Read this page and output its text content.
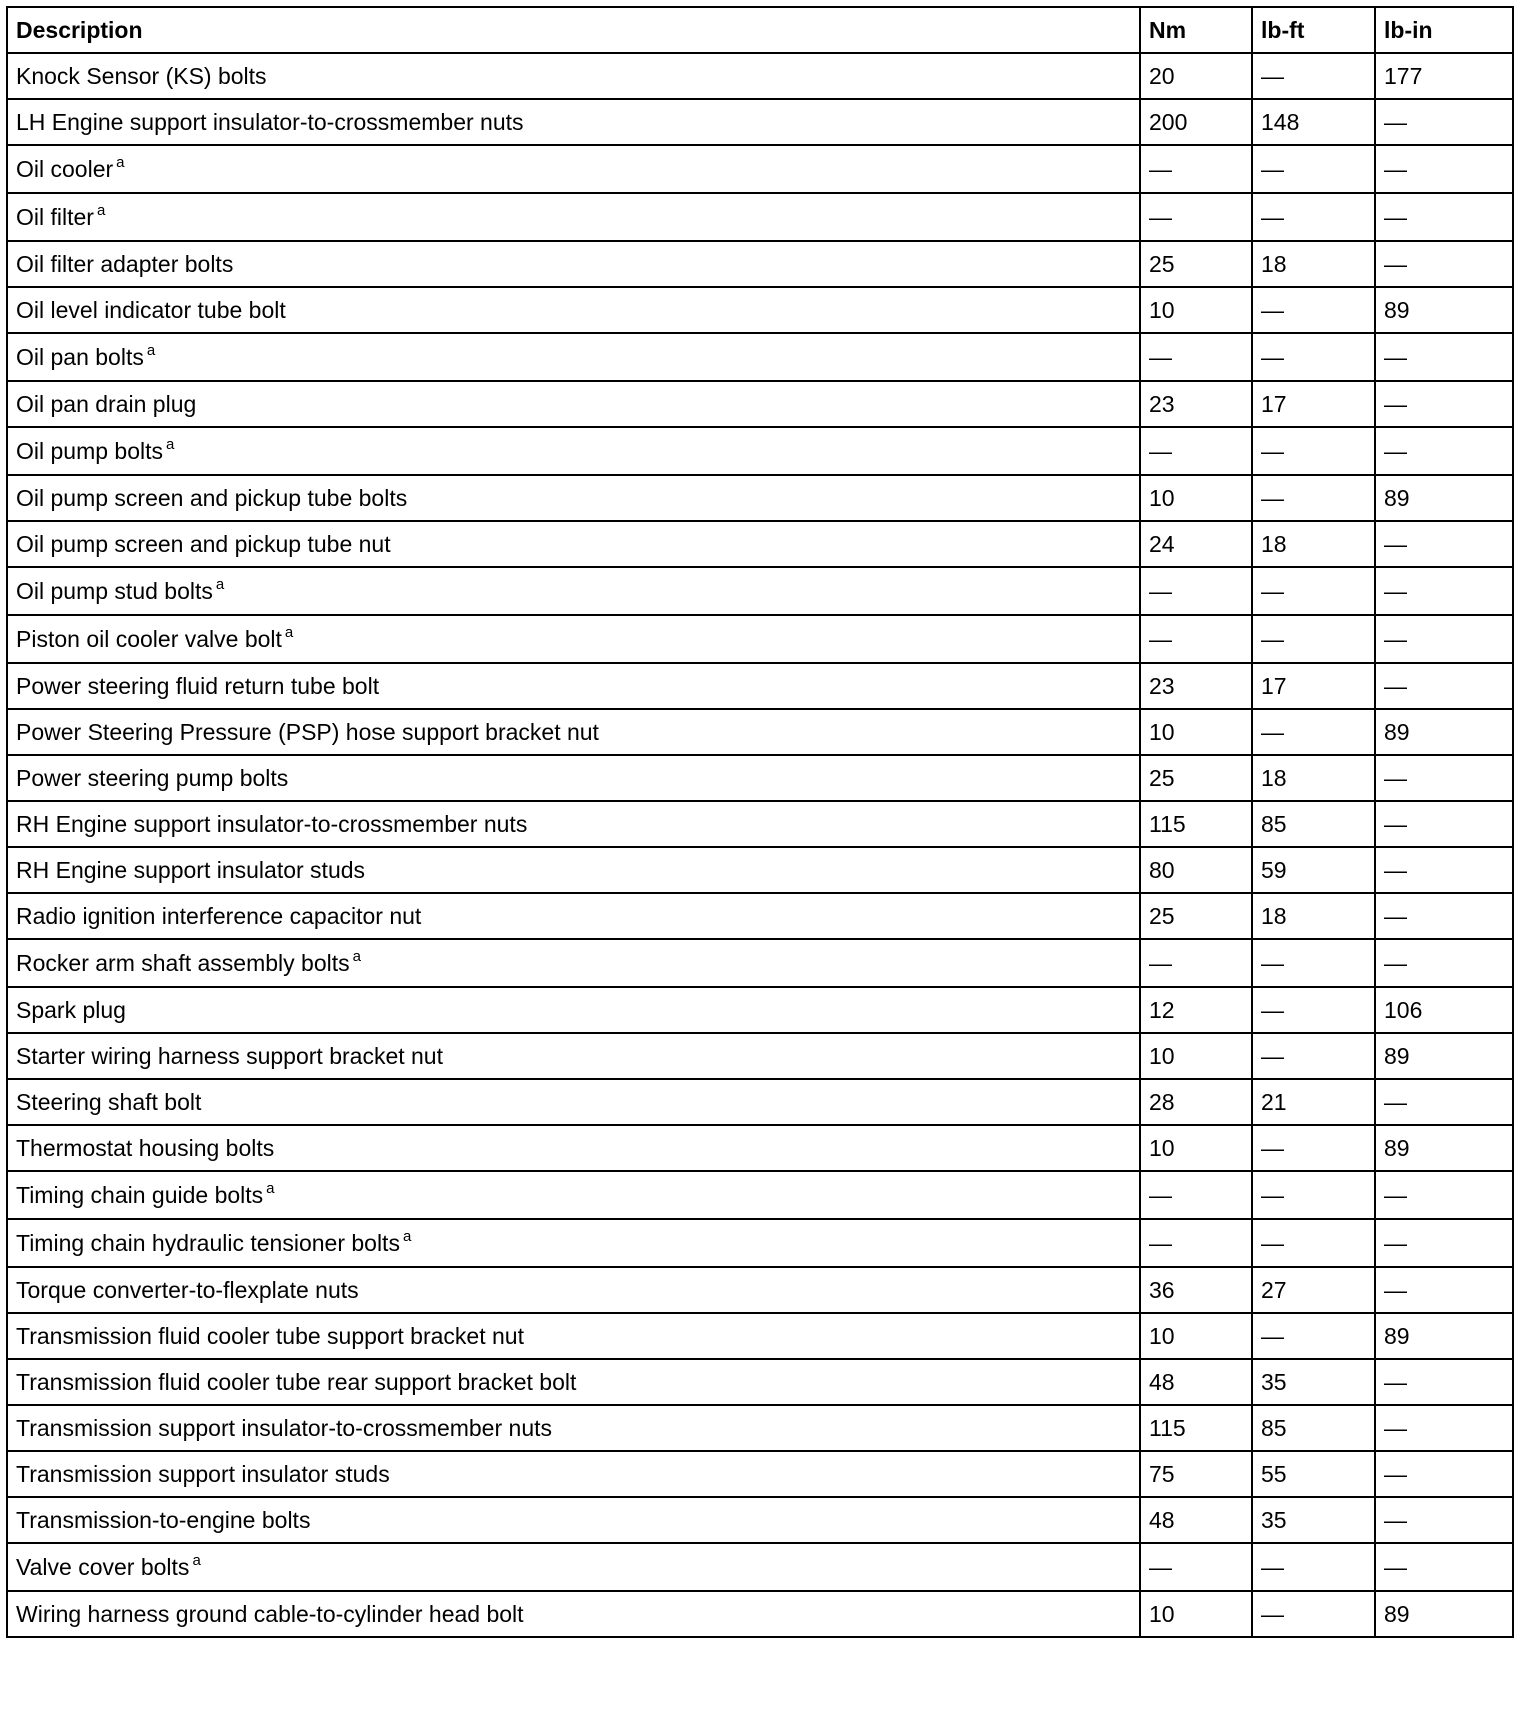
Description	Nm	lb-ft	lb-in
Knock Sensor (KS) bolts	20	—	177
LH Engine support insulator-to-crossmember nuts	200	148	—
Oil cooler $^a$	—	—	—
Oil filter $^a$	—	—	—
Oil filter adapter bolts	25	18	—
Oil level indicator tube bolt	10	—	89
Oil pan bolts $^a$	—	—	—
Oil pan drain plug	23	17	—
Oil pump bolts $^a$	—	—	—
Oil pump screen and pickup tube bolts	10	—	89
Oil pump screen and pickup tube nut	24	18	—
Oil pump stud bolts $^a$	—	—	—
Piston oil cooler valve bolt $^a$	—	—	—
Power steering fluid return tube bolt	23	17	—
Power Steering Pressure (PSP) hose support bracket nut	10	—	89
Power steering pump bolts	25	18	—
RH Engine support insulator-to-crossmember nuts	115	85	—
RH Engine support insulator studs	80	59	—
Radio ignition interference capacitor nut	25	18	—
Rocker arm shaft assembly bolts $^a$	—	—	—
Spark plug	12	—	106
Starter wiring harness support bracket nut	10	—	89
Steering shaft bolt	28	21	—
Thermostat housing bolts	10	—	89
Timing chain guide bolts $^a$	—	—	—
Timing chain hydraulic tensioner bolts $^a$	—	—	—
Torque converter-to-flexplate nuts	36	27	—
Transmission fluid cooler tube support bracket nut	10	—	89
Transmission fluid cooler tube rear support bracket bolt	48	35	—
Transmission support insulator-to-crossmember nuts	115	85	—
Transmission support insulator studs	75	55	—
Transmission-to-engine bolts	48	35	—
Valve cover bolts $^a$	—	—	—
Wiring harness ground cable-to-cylinder head bolt	10	—	89
